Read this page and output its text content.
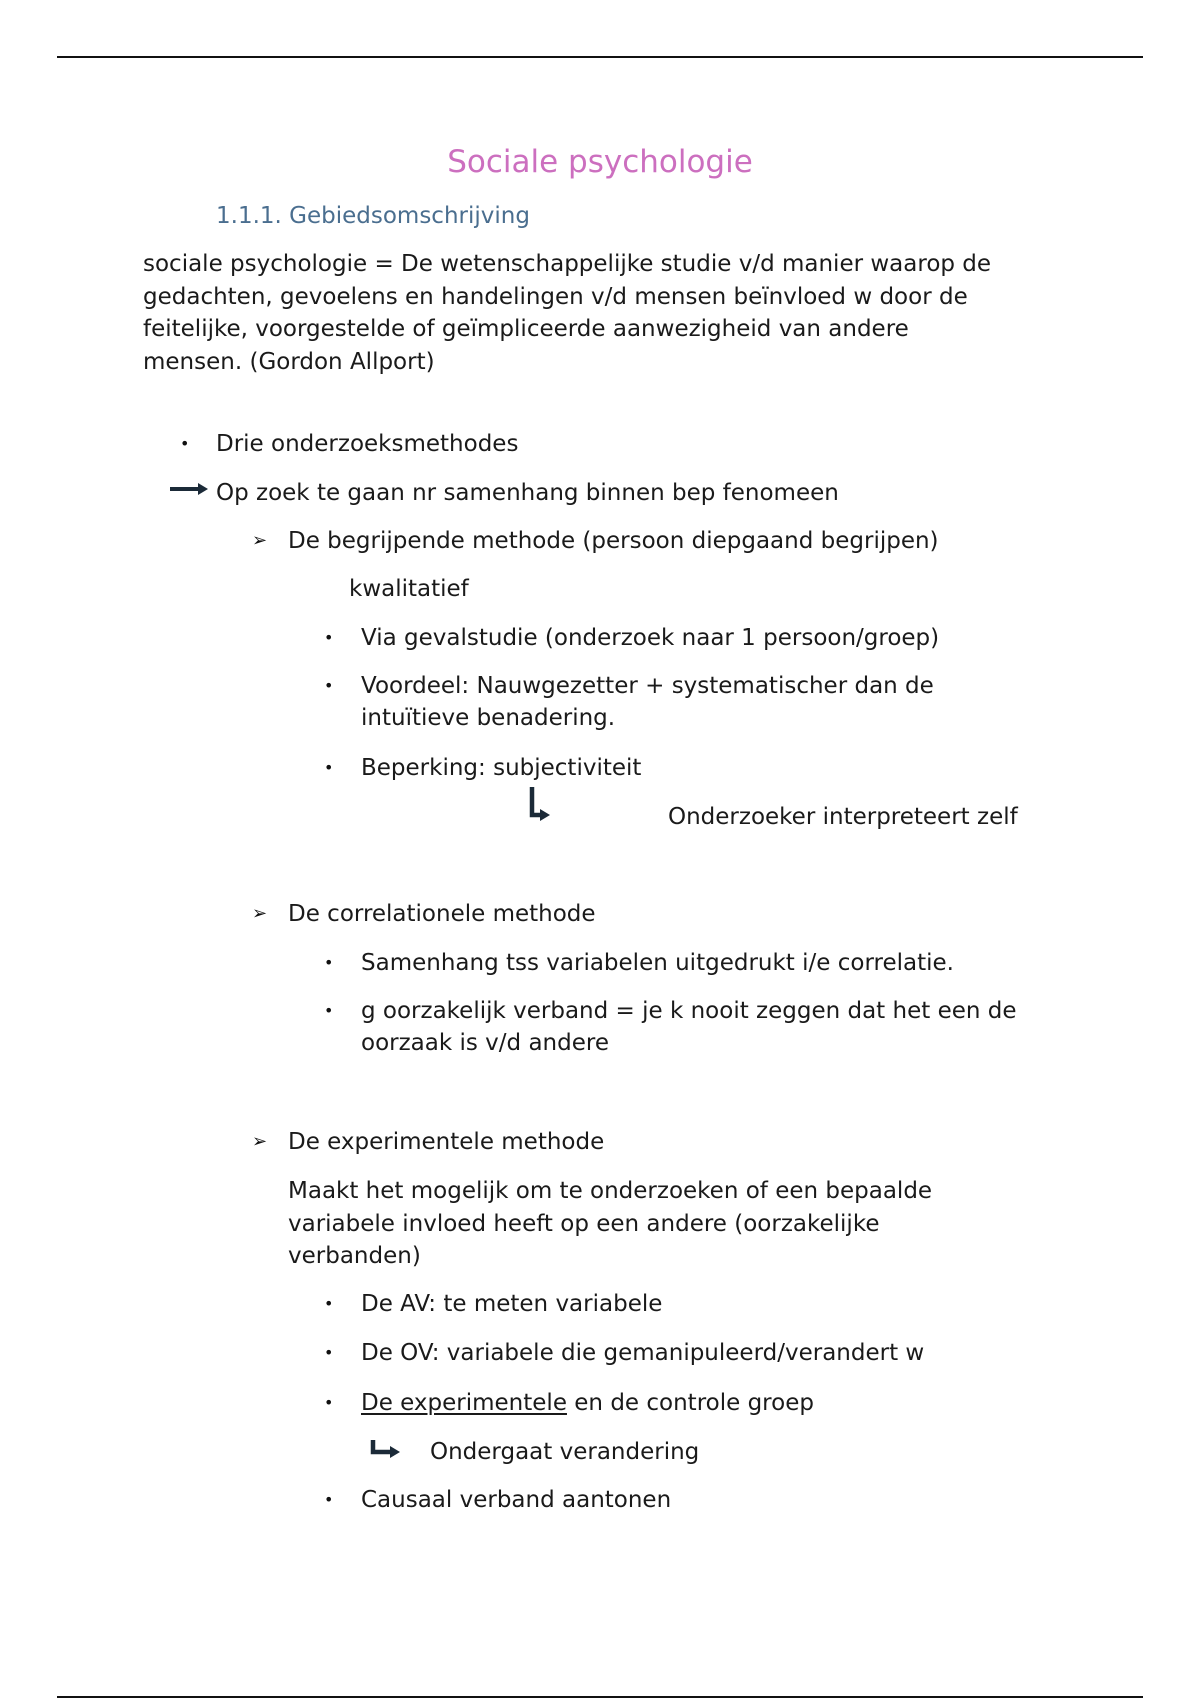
Sociale psychologie
1.1.1. Gebiedsomschrijving
sociale psychologie = De wetenschappelijke studie v/d manier waarop de
gedachten, gevoelens en handelingen v/d mensen beïnvloed w door de
feitelijke, voorgestelde of geïmpliceerde aanwezigheid van andere
mensen. (Gordon Allport)
• Drie onderzoeksmethodes
Op zoek te gaan nr samenhang binnen bep fenomeen
➢ De begrijpende methode (persoon diepgaand begrijpen)
kwalitatief
• Via gevalstudie (onderzoek naar 1 persoon/groep)
• Voordeel: Nauwgezetter + systematischer dan de
intuïtieve benadering.
• Beperking: subjectiviteit
Onderzoeker interpreteert zelf
➢ De correlationele methode
• Samenhang tss variabelen uitgedrukt i/e correlatie.
• g oorzakelijk verband = je k nooit zeggen dat het een de
oorzaak is v/d andere
➢ De experimentele methode
Maakt het mogelijk om te onderzoeken of een bepaalde
variabele invloed heeft op een andere (oorzakelijke
verbanden)
• De AV: te meten variabele
• De OV: variabele die gemanipuleerd/verandert w
• De experimentele en de controle groep
Ondergaat verandering
• Causaal verband aantonen
